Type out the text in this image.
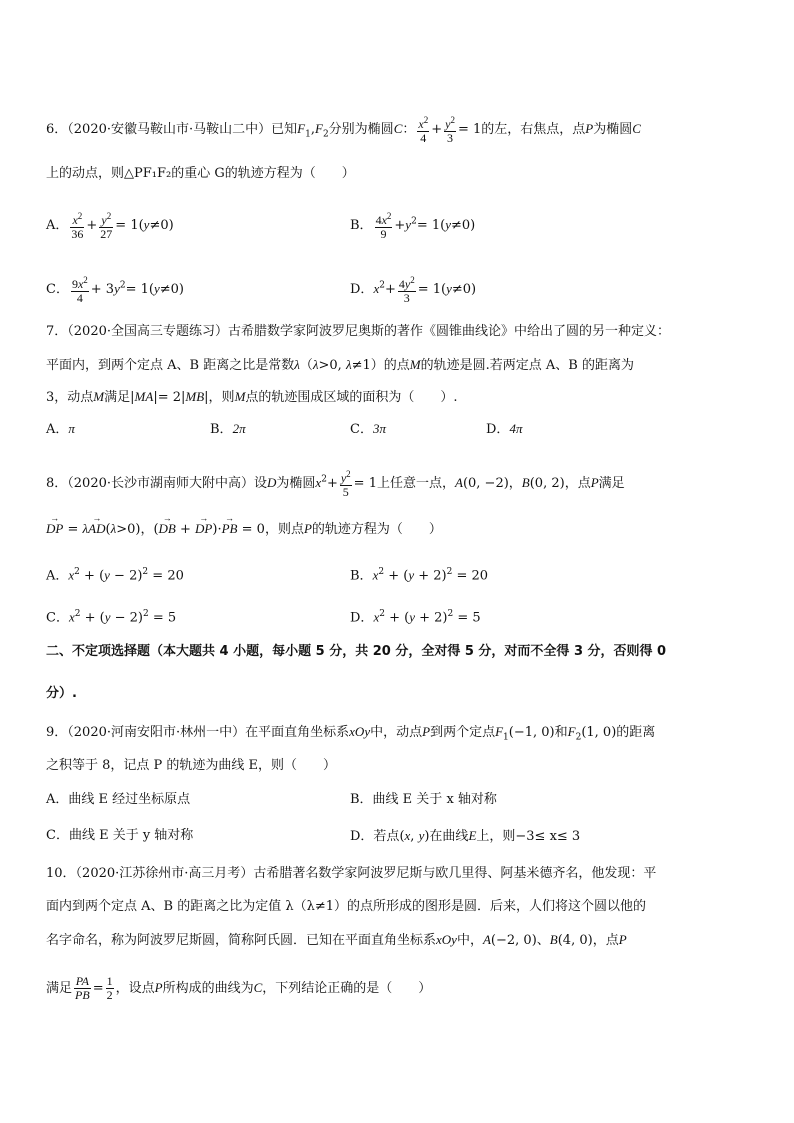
6．（2020·安徽马鞍山市·马鞍山二中）已知$F_1,F_2$分别为椭圆C： $\frac{x^2}{4} + \frac{y^2}{3} = 1$的左，右焦点，点P为椭圆C
上的动点，则△PF₁F₂的重心 G的轨迹方程为（　　）
A． $\frac{x^2}{36} + \frac{y^2}{27} = 1(y\ne 0)$	B． $\frac{4x^2}{9} +y^2= 1(y\ne 0)$
C． $\frac{9x^2}{4} + 3y^2= 1(y\ne 0)$	D．$x^2+ \frac{4y^2}{3} = 1(y\ne 0)$
7．（2020·全国高三专题练习）古希腊数学家阿波罗尼奥斯的著作《圆锥曲线论》中给出了圆的另一种定义：
平面内，到两个定点 A、B 距离之比是常数λ（λ>0, λ≠1）的点M的轨迹是圆.若两定点 A、B 的距离为
3，动点M满足|MA|= 2|MB|，则M点的轨迹围成区域的面积为（　　）.
A．π	B．2π	C．3π	D．4π
8．（2020·长沙市湖南师大附中高）设D为椭圆$x^2+ \frac{y^2}{5} = 1$上任意一点，A(0, −2)，B(0, 2)，点P满足
→ DP = λ→ AD(λ>0)，(→ DB + → DP)·→ PB = 0，则点P的轨迹方程为（　　）
A．$x^2 + (y - 2)^2 = 20$	B．$x^2 + (y + 2)^2 = 20$
C．$x^2 + (y - 2)^2 = 5$	D．$x^2 + (y + 2)^2 = 5$
二、不定项选择题（本大题共 4 小题，每小题 5 分，共 20 分，全对得 5 分，对而不全得 3 分，否则得 0
分）.
9．（2020·河南安阳市·林州一中）在平面直角坐标系xOy中，动点P到两个定点$F_1(-1$, 0)和$F_2(1$, 0)的距离
之积等于 8，记点 P 的轨迹为曲线 E，则（　　）
A．曲线 E 经过坐标原点	B．曲线 E 关于 x 轴对称
C．曲线 E 关于 y 轴对称	D．若点(x, y)在曲线E上，则−3≤ x≤ 3
10．（2020·江苏徐州市·高三月考）古希腊著名数学家阿波罗尼斯与欧几里得、阿基米德齐名，他发现：平
面内到两个定点 A、B 的距离之比为定值 λ（λ≠1）的点所形成的图形是圆．后来，人们将这个圆以他的
名字命名，称为阿波罗尼斯圆，简称阿氏圆．已知在平面直角坐标系xOy中，A(−2, 0)、B(4, 0)，点P
满足 $\frac{PA}{PB} = \frac{1}{2}$ ，设点P所构成的曲线为C，下列结论正确的是（　　）
